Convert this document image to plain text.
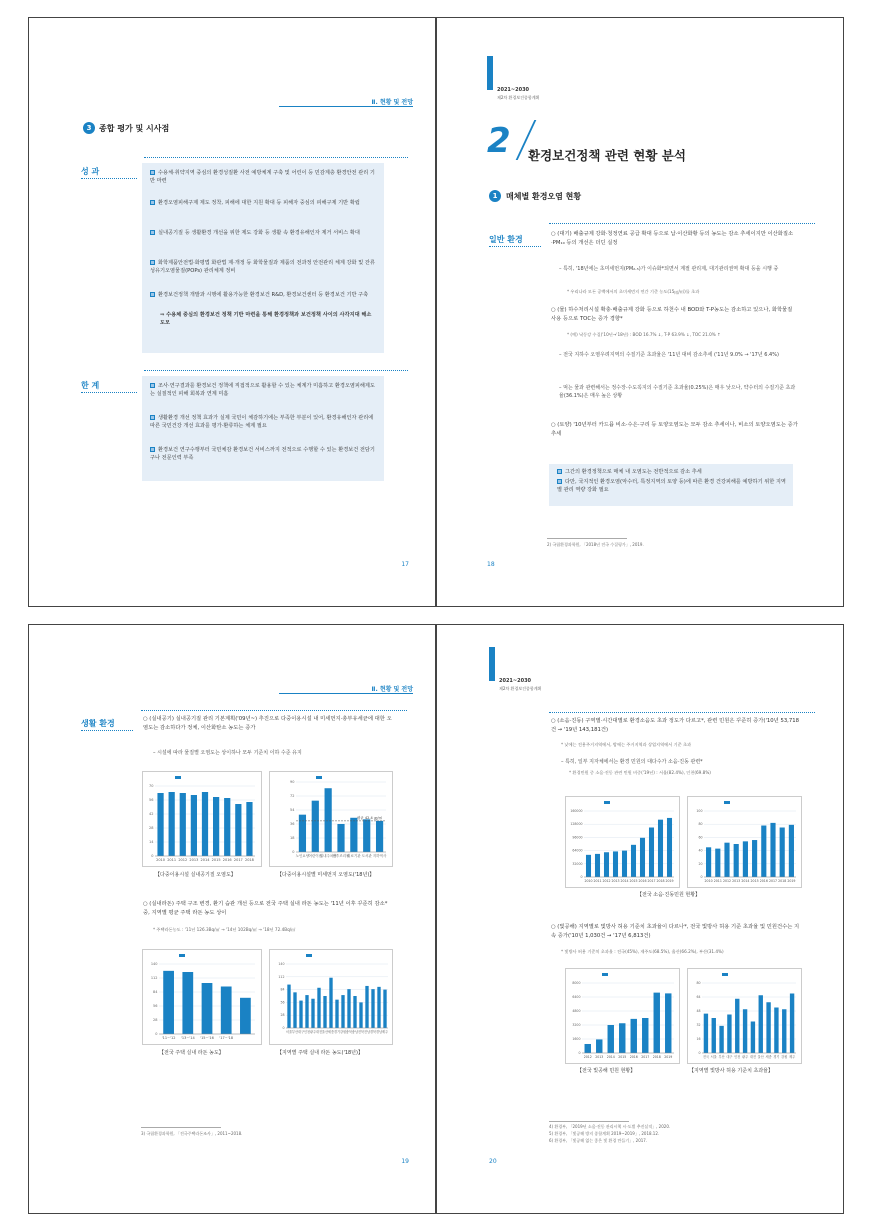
Ⅱ. 현황 및 전망
3 종합 평가 및 시사점
성 과	수용체·취약지역 중심의 환경성질환 사전 예방체계 구축 및 어린이 등 민감계층 환경안전 관리 기반 마련
환경오염피해구제 제도 정착, 피해에 대한 지원 확대 등 피해자 중심의 피해구제 기반 확립
실내공기질 등 생활환경 개선을 위한 제도 강화 등 생활 속 환경유해인자 제거 서비스 확대
화학제품안전법·화평법 화관법 제·개정 등 화학물질과 제품의 전과정 안전관리 체계 강화 및 잔류성유기오염물질(POPs) 관리체계 정비
환경보건정책 개발과 시행에 활용가능한 환경보건 R&D, 환경보건센터 등 환경보건 기반 구축
⇒ 수용체 중심의 환경보건 정책 기반 마련을 통해 환경정책과 보건정책 사이의 사각지대 해소 도모
한 계	조사·연구결과를 환경보건 정책에 직접적으로 활용할 수 있는 체계가 미흡하고 환경오염피해제도는 실질적인 피해 회복과 연계 미흡
생활환경 개선 정책 효과가 실제 국민이 체감하기에는 부족한 부분이 있어, 환경유해인자 관리에 따른 국민건강 개선 효과를 평가·환류하는 체계 필요
환경보건 연구수행부터 국민체감 환경보건 서비스까지 전적으로 수행할 수 있는 환경보건 전담기구나 전문인력 부족
17
2021~2030
제2차 환경보건종합계획
2 환경보건정책 관련 현황 분석
1	매체별 환경오염 현황
일반 환경
○ (대기) 배출규제 강화·청정연료 공급 확대 등으로 납·이산화황 등의 농도는 감소 추세이지만 이산화질소·PM₁₀ 등의 개선은 더딘 실정
– 특히, '18년에는 초미세먼지(PM₂.₅)가 이슈화*되면서 계절 관리제, 대기관리권역 확대 등을 시행 중
* 우리나라 모든 공백에서의 초미세먼지 연간 기준 농도(15㎍/㎥)를 초과
○ (물) 하수처리시설 확충·배출규제 강화 등으로 하천수 내 BOD와 T-P농도는 감소하고 있으나, 화학물질 사용 등으로 TOC는 증가 경향*
* (예) 낙동강 수질('10년→'18년) : BOD 16.7% ↓, T-P 63.9% ↓, TOC 21.0% ↑
– 전국 지하수 오염우려지역의 수질기준 초과율은 '11년 대비 감소추세 ('11년 9.0% → '17년 6.4%)
– 먹는 물과 관련해서는 정수장·수도꼭지의 수질기준 초과율(0.25%)은 매우 낮으나, 약수터의 수질기준 초과율(36.1%)은 매우 높은 상황
○ (토양) '10년부터 카드뮴 비소·수은·구리 등 토양오염도는 모두 감소 추세이나, 비소의 토양오염도는 증가 추세
그간의 환경정책으로 매체 내 오염도는 전반적으로 감소 추세
다만, 국지적인 환경오염(악수터, 특정지역의 토양 등)에 따른 환경 건강피해를 예방하기 위한 지역별 관리 역량 강화 필요
2) 국립환경과학원, 「2018년 전국 수질평가」, 2019.
18
Ⅱ. 현황 및 전망
생활 환경	○ (실내공기) 실내공기질 관리 기본계획('09년~) 추진으로 다중이용시설 내 미세먼지·총부유세균에 대한 오염도는 감소하다가 정체, 이산화탄소 농도는 증가
– 시설에 따라 물질별 오염도는 상이하나 모두 기준치 이하 수준 유지
0
14
28
42
56
70
2010 2011 2012 2013 2014 2015 2016 2017 2018
0
18
36
54
72
90
노인요양 어린이집
실내주차장
산후조리원
의료기관 도서관 지하역사
평균 42.4 ㎍/㎥
【다중이용시설 실내공기질 오염도】	【다중이용시설별 미세먼지 오염도('18년)】
○ (실내라돈) 주택 구조 변경, 환기 습관 개선 등으로 전국 주택 실내 라돈 농도는 '11년 이후 꾸준히 감소* 중, 지역별 평균 주택 라돈 농도 상이
* 주택라돈농도 : '11년 126.3Bq/㎥ → '14년 102Bq/㎥ → '18년 72.4Bq/㎥
0
28
56
84
112
140
'11~'12 '13~'14 '15~'16 '17~'18
0
28
56
84
112
140
서울 부산 대구 인천 광주 대전 울산 세종 경기 강원 충북 충남 전북 전남 경북 경남 제주
【전국 주택 실내 라돈 농도】	【지역별 주택 실내 라돈 농도('18년)】
3) 국립환경과학원, 「전국주택라돈조사」, 2011~2018.
19
2021~2030
제2차 환경보건종합계획
○ (소음·진동) 구역별·시간대별로 환경소음도 초과 정도가 다르고*, 관련 민원은 꾸준히 증가('10년 53,718건 → '19년 143,181건)
* 낮에는 전용주거지역에서, 밤에는 주거지역과 상업지역에서 기준 초과
– 특히, 일부 지자체에서는 환경 민원의 대다수가 소음·진동 관련*
* 환경민원 중 소음·진동 관련 민원 비중('19년) : 서울(82.4%), 인천(69.8%)
0
32000
64000
96000
128000
160000
2010 2011 2012 2013 2014 2015 2016 2017 2018 2019
0
20
40
60
80
100
2010 2011 2012 2013 2014 2015 2016 2017 2018 2019
【전국 소음·진동민원 현황】
○ (빛공해) 지역별로 빛방사 허용 기준치 초과율이 다르나*, 전국 빛방사 허용 기준 초과율 및 민원건수는 지속 증가('10년 1,030건 → '17년 6,813건)
* 빛방사 허용 기준치 초과율 : 전국(45%), 제주도(68.5%), 울산(66.2%), 부산(31.4%)
0
1600
3200
4800
6400
8000
2012 2013 2014 2015 2016 2017 2018 2019
0
16
32
48
64
80
전국 서울 부산 대구 인천 광주 대전 울산 세종 경기 강원 제주
【전국 빛공해 민원 현황】	【지역별 빛방사 허용 기준치 초과율】
4) 환경부, 「2019년 소음·진동 관리시책 시·도별 추진실적」, 2020.
5) 환경부, 「빛공해 방지 종합계획 2019~2019」, 2018.12.
6) 환경부, 「빛공해 없는 좋은 빛 환경 만들기」, 2017.
20
